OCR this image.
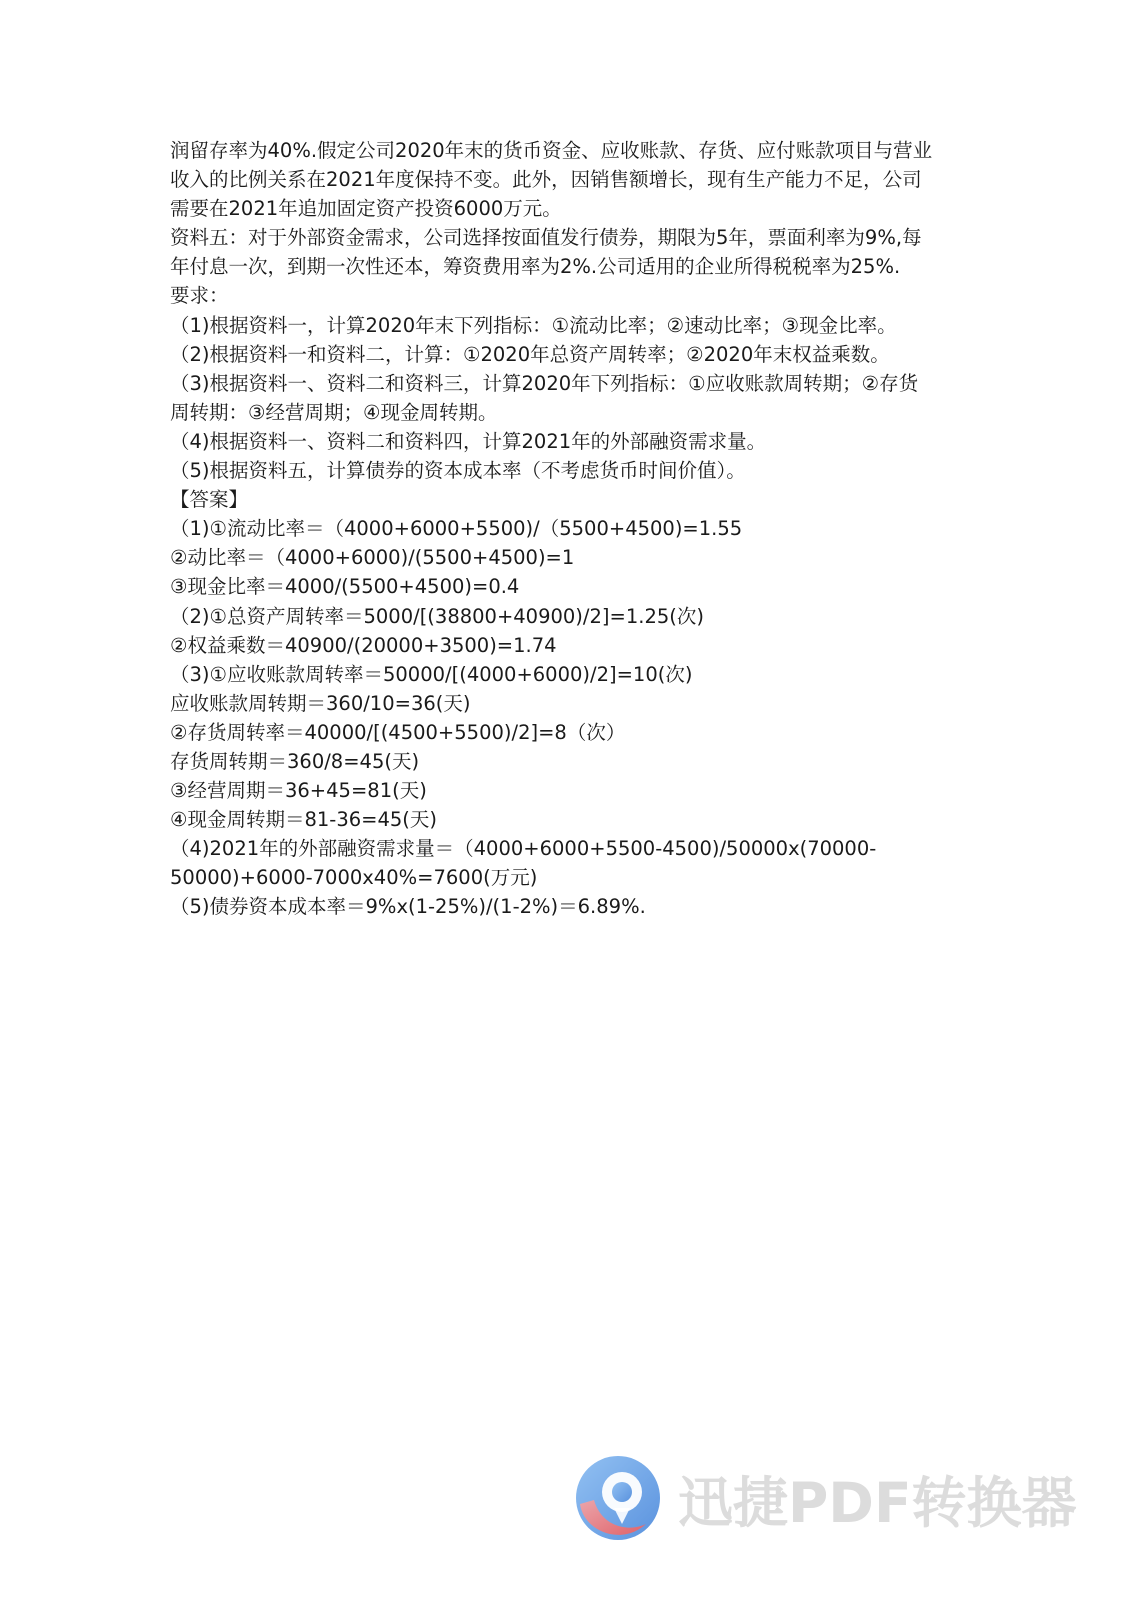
润留存率为40%.假定公司2020年末的货币资金、应收账款、存货、应付账款项目与营业
收入的比例关系在2021年度保持不变。此外，因销售额增长，现有生产能力不足，公司
需要在2021年追加固定资产投资6000万元。
资料五：对于外部资金需求，公司选择按面值发行债券，期限为5年，票面利率为9%,每
年付息一次，到期一次性还本，筹资费用率为2%.公司适用的企业所得税税率为25%.
要求：
（1)根据资料一，计算2020年末下列指标：①流动比率；②速动比率；③现金比率。
（2)根据资料一和资料二，计算：①2020年总资产周转率；②2020年末权益乘数。
（3)根据资料一、资料二和资料三，计算2020年下列指标：①应收账款周转期；②存货
周转期：③经营周期；④现金周转期。
（4)根据资料一、资料二和资料四，计算2021年的外部融资需求量。
（5)根据资料五，计算债券的资本成本率（不考虑货币时间价值）。
【答案】
（1)①流动比率＝（4000+6000+5500)/（5500+4500)=1.55
②动比率＝（4000+6000)/(5500+4500)=1
③现金比率＝4000/(5500+4500)=0.4
（2)①总资产周转率＝5000/[(38800+40900)/2]=1.25(次)
②权益乘数＝40900/(20000+3500)=1.74
（3)①应收账款周转率＝50000/[(4000+6000)/2]=10(次)
应收账款周转期＝360/10=36(天)
②存货周转率＝40000/[(4500+5500)/2]=8（次）
存货周转期＝360/8=45(天)
③经营周期＝36+45=81(天)
④现金周转期＝81-36=45(天)
（4)2021年的外部融资需求量＝（4000+6000+5500-4500)/50000x(70000-
50000)+6000-7000x40%=7600(万元)
（5)债券资本成本率＝9%x(1-25%)/(1-2%)＝6.89%.
迅捷PDF转换器
